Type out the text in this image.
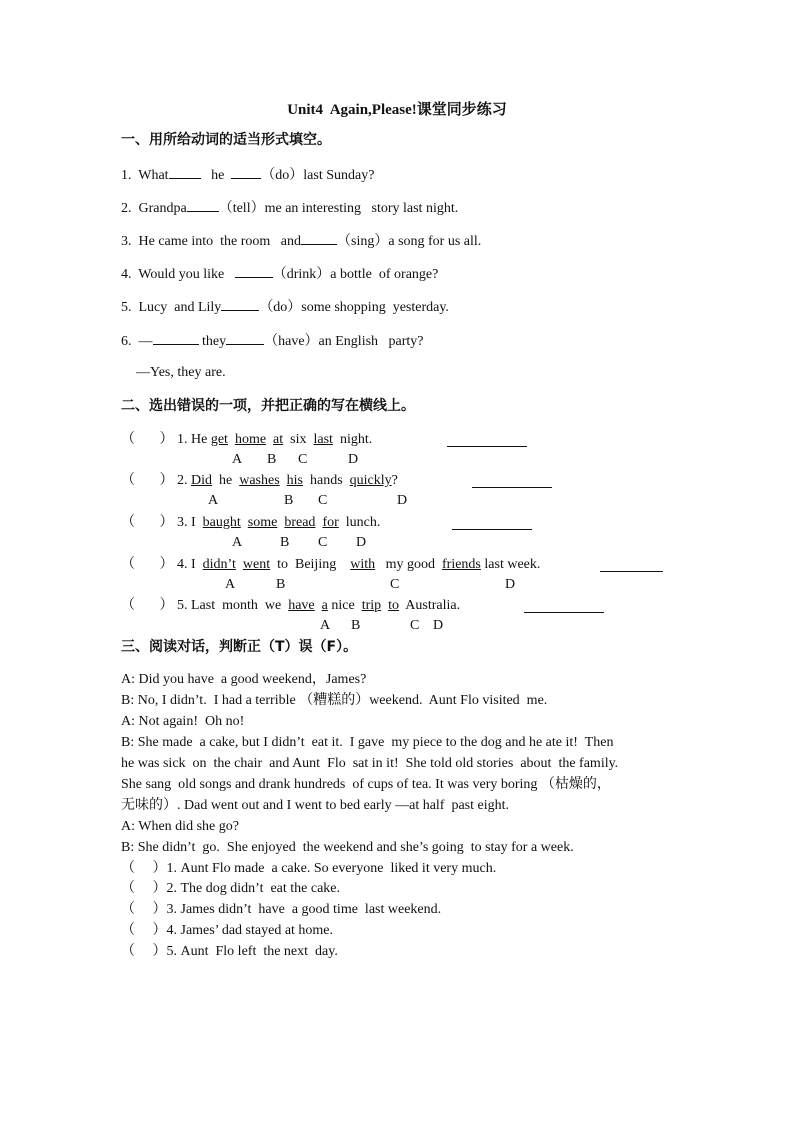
Unit4  Again,Please!课堂同步练习
一、用所给动词的适当形式填空。
1. What	he	（do）last Sunday?
2. Grandpa （tell）me an interesting   story last night.
3. He came into  the room   and	（sing）a song for us all.
4. Would you like	（drink）a bottle  of orange?
5. Lucy  and Lily	（do）some shopping  yesterday.
6. —	they	（have）an English   party?
—Yes, they are.
二、选出错误的一项，并把正确的写在横线上。
（       ） 1. He get home at  six  last  night.
A B C	D
（       ） 2. Did  he  washes his  hands  quickly?
A	B C	D
（       ） 3. I  baught some bread for  lunch.
A	B C D
（       ） 4. I  didn’t went  to  Beijing    with   my good  friends last week.
A	B	C	D
（       ） 5. Last  month  we  have a nice  trip to  Australia.
A B	C D
三、阅读对话，判断正（T）误（F）。
A: Did you have  a good weekend，James?
B: No, I didn’t.  I had a terrible （糟糕的）weekend.  Aunt Flo visited  me.
A: Not again!  Oh no!
B: She made  a cake, but I didn’t  eat it.  I gave  my piece to the dog and he ate it!  Then
he was sick  on  the chair  and Aunt  Flo  sat in it!  She told old stories  about  the family.
She sang  old songs and drank hundreds  of cups of tea. It was very boring （枯燥的，
无味的）. Dad went out and I went to bed early —at half  past eight.
A: When did she go?
B: She didn’t  go.  She enjoyed  the weekend and she’s going  to stay for a week.
（     ）1. Aunt Flo made  a cake. So everyone  liked it very much.
（     ）2. The dog didn’t  eat the cake.
（     ）3. James didn’t  have  a good time  last weekend.
（     ）4. James’ dad stayed at home.
（     ）5. Aunt  Flo left  the next  day.
